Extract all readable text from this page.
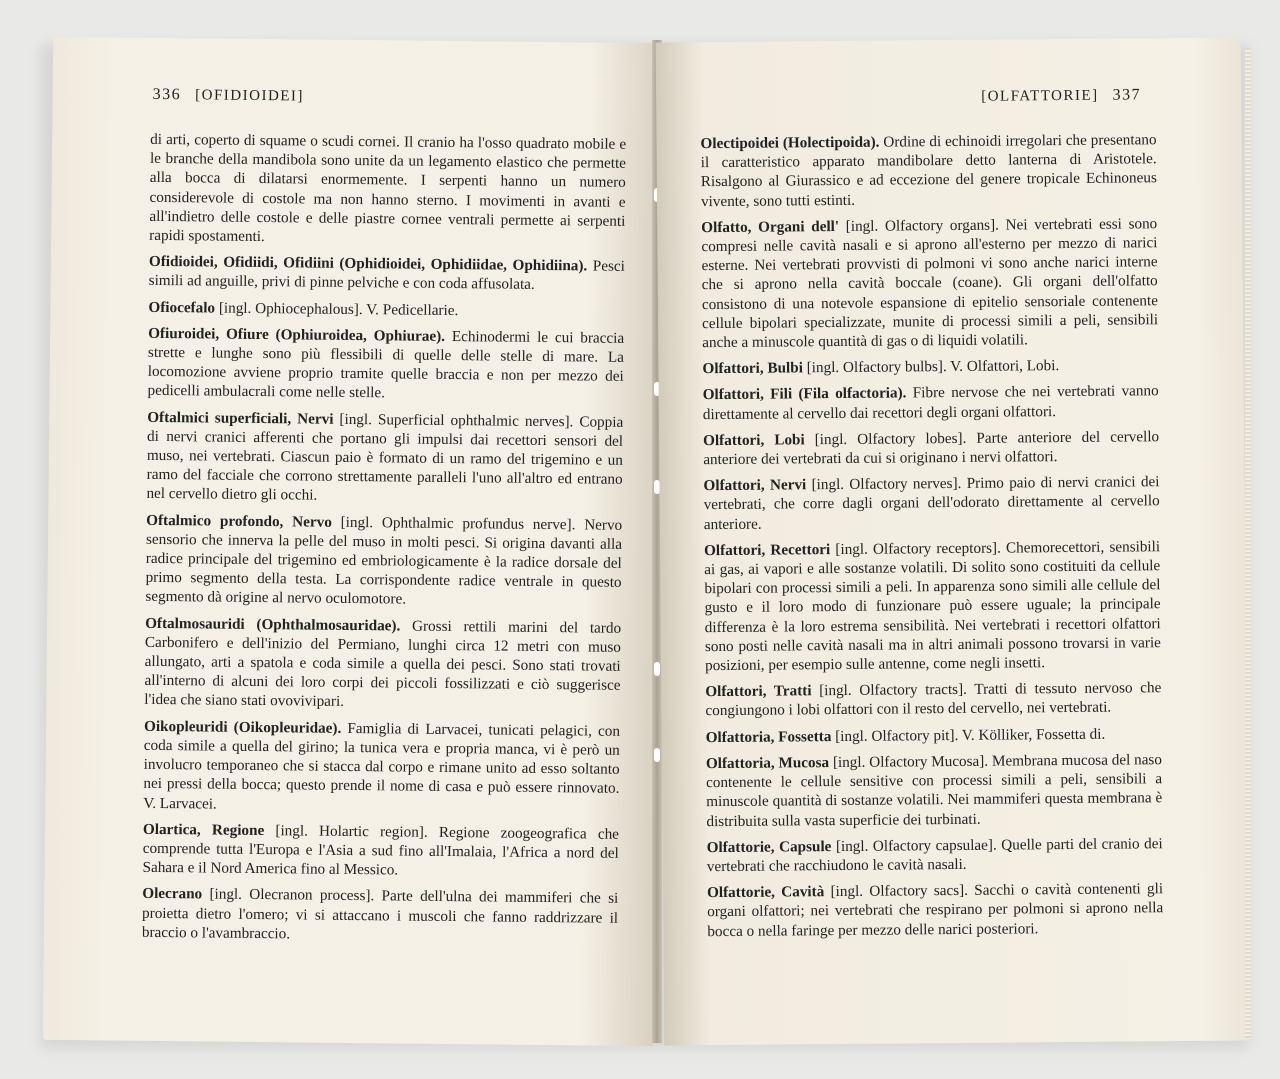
336 [OFIDIOIDEI]

di arti, coperto di squame o scudi cornei. Il cranio ha l'osso quadrato mobile e le branche della mandibola sono unite da un legamento elastico che permette alla bocca di dilatarsi enormemente. I serpenti hanno un numero considerevole di costole ma non hanno sterno. I movimenti in avanti e all'indietro delle costole e delle piastre cornee ventrali permette ai serpenti rapidi spostamenti.

Ofidioidei, Ofidiidi, Ofidiini (Ophidioidei, Ophidiidae, Ophidiina). Pesci simili ad anguille, privi di pinne pelviche e con coda affusolata.

Ofiocefalo [ingl. Ophiocephalous]. V. Pedicellarie.

Ofiuroidei, Ofiure (Ophiuroidea, Ophiurae). Echinodermi le cui braccia strette e lunghe sono più flessibili di quelle delle stelle di mare. La locomozione avviene proprio tramite quelle braccia e non per mezzo dei pedicelli ambulacrali come nelle stelle.

Oftalmici superficiali, Nervi [ingl. Superficial ophthalmic nerves]. Coppia di nervi cranici afferenti che portano gli impulsi dai recettori sensori del muso, nei vertebrati. Ciascun paio è formato di un ramo del trigemino e un ramo del facciale che corrono strettamente paralleli l'uno all'altro ed entrano nel cervello dietro gli occhi.

Oftalmico profondo, Nervo [ingl. Ophthalmic profundus nerve]. Nervo sensorio che innerva la pelle del muso in molti pesci. Si origina davanti alla radice principale del trigemino ed embriologicamente è la radice dorsale del primo segmento della testa. La corrispondente radice ventrale in questo segmento dà origine al nervo oculomotore.

Oftalmosauridi (Ophthalmosauridae). Grossi rettili marini del tardo Carbonifero e dell'inizio del Permiano, lunghi circa 12 metri con muso allungato, arti a spatola e coda simile a quella dei pesci. Sono stati trovati all'interno di alcuni dei loro corpi dei piccoli fossilizzati e ciò suggerisce l'idea che siano stati ovovivipari.

Oikopleuridi (Oikopleuridae). Famiglia di Larvacei, tunicati pelagici, con coda simile a quella del girino; la tunica vera e propria manca, vi è però un involucro temporaneo che si stacca dal corpo e rimane unito ad esso soltanto nei pressi della bocca; questo prende il nome di casa e può essere rinnovato. V. Larvacei.

Olartica, Regione [ingl. Holartic region]. Regione zoogeografica che comprende tutta l'Europa e l'Asia a sud fino all'Imalaia, l'Africa a nord del Sahara e il Nord America fino al Messico.

Olecrano [ingl. Olecranon process]. Parte dell'ulna dei mammiferi che si proietta dietro l'omero; vi si attaccano i muscoli che fanno raddrizzare il braccio o l'avambraccio.

[OLFATTORIE] 337

Olectipoidei (Holectipoida). Ordine di echinoidi irregolari che presentano il caratteristico apparato mandibolare detto lanterna di Aristotele. Risalgono al Giurassico e ad eccezione del genere tropicale Echinoneus vivente, sono tutti estinti.

Olfatto, Organi dell' [ingl. Olfactory organs]. Nei vertebrati essi sono compresi nelle cavità nasali e si aprono all'esterno per mezzo di narici esterne. Nei vertebrati provvisti di polmoni vi sono anche narici interne che si aprono nella cavità boccale (coane). Gli organi dell'olfatto consistono di una notevole espansione di epitelio sensoriale contenente cellule bipolari specializzate, munite di processi simili a peli, sensibili anche a minuscole quantità di gas o di liquidi volatili.

Olfattori, Bulbi [ingl. Olfactory bulbs]. V. Olfattori, Lobi.

Olfattori, Fili (Fila olfactoria). Fibre nervose che nei vertebrati vanno direttamente al cervello dai recettori degli organi olfattori.

Olfattori, Lobi [ingl. Olfactory lobes]. Parte anteriore del cervello anteriore dei vertebrati da cui si originano i nervi olfattori.

Olfattori, Nervi [ingl. Olfactory nerves]. Primo paio di nervi cranici dei vertebrati, che corre dagli organi dell'odorato direttamente al cervello anteriore.

Olfattori, Recettori [ingl. Olfactory receptors]. Chemorecettori, sensibili ai gas, ai vapori e alle sostanze volatili. Di solito sono costituiti da cellule bipolari con processi simili a peli. In apparenza sono simili alle cellule del gusto e il loro modo di funzionare può essere uguale; la principale differenza è la loro estrema sensibilità. Nei vertebrati i recettori olfattori sono posti nelle cavità nasali ma in altri animali possono trovarsi in varie posizioni, per esempio sulle antenne, come negli insetti.

Olfattori, Tratti [ingl. Olfactory tracts]. Tratti di tessuto nervoso che congiungono i lobi olfattori con il resto del cervello, nei vertebrati.

Olfattoria, Fossetta [ingl. Olfactory pit]. V. Kölliker, Fossetta di.

Olfattoria, Mucosa [ingl. Olfactory Mucosa]. Membrana mucosa del naso contenente le cellule sensitive con processi simili a peli, sensibili a minuscole quantità di sostanze volatili. Nei mammiferi questa membrana è distribuita sulla vasta superficie dei turbinati.

Olfattorie, Capsule [ingl. Olfactory capsulae]. Quelle parti del cranio dei vertebrati che racchiudono le cavità nasali.

Olfattorie, Cavità [ingl. Olfactory sacs]. Sacchi o cavità contenenti gli organi olfattori; nei vertebrati che respirano per polmoni si aprono nella bocca o nella faringe per mezzo delle narici posteriori.
